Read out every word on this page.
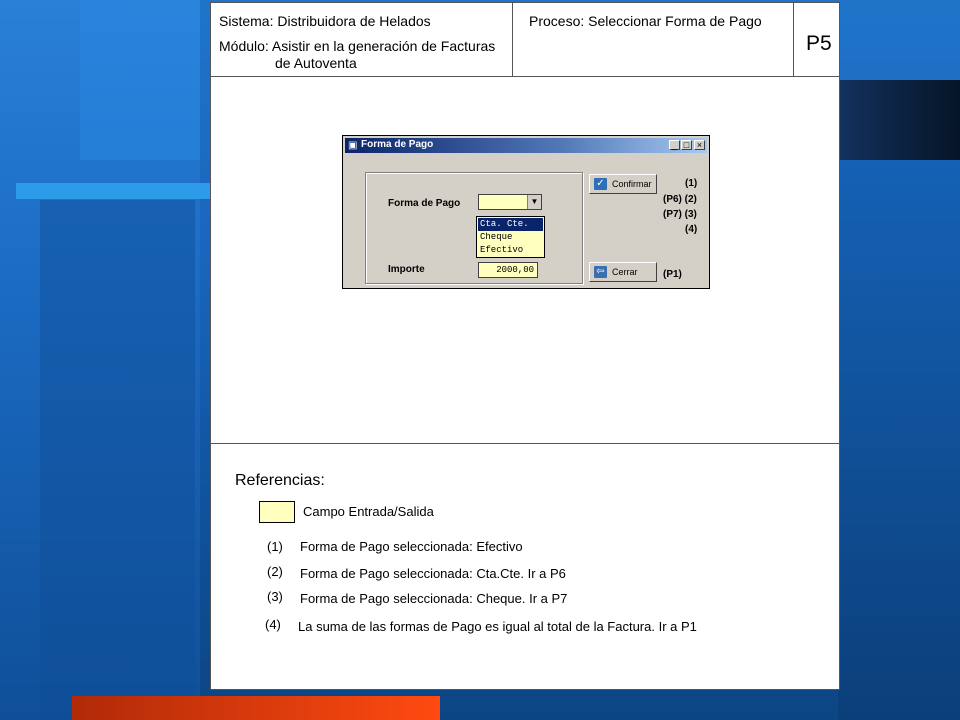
Sistema: Distribuidora de Helados
Módulo: Asistir en la generación de Facturas
de Autoventa
Proceso: Seleccionar Forma de Pago
P5
▣ Forma de Pago	_ □ ×
Forma de Pago	▼
Cta. Cte.
Cheque
Efectivo
Importe	2000,00
✓ Confirmar
⇦ Cerrar
(1)
(P6) (2)
(P7) (3)
(4)
(P1)
Referencias:
Campo Entrada/Salida
(1) Forma de Pago seleccionada: Efectivo
(2) Forma de Pago seleccionada: Cta.Cte. Ir a P6
(3) Forma de Pago seleccionada: Cheque. Ir a P7
(4) La suma de las formas de Pago es igual al total de la Factura. Ir a P1
